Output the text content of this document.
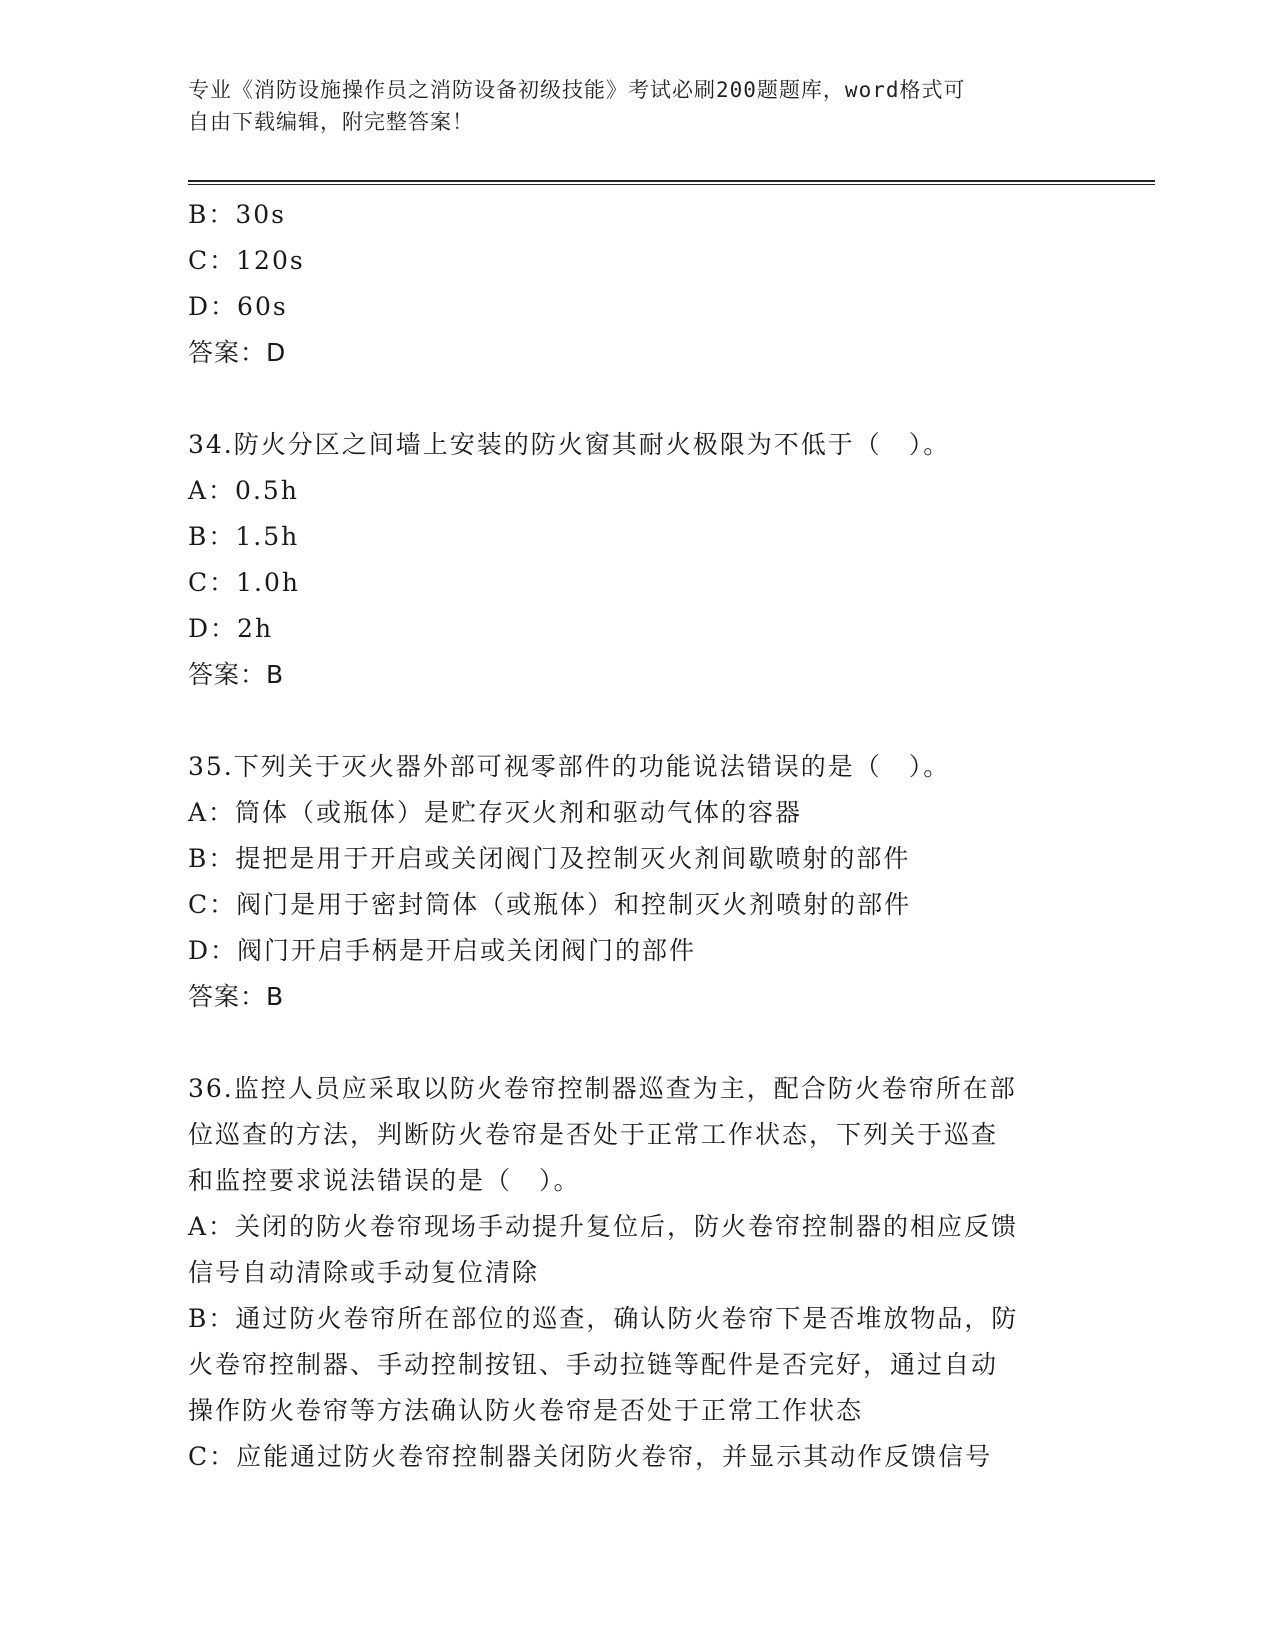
专业《消防设施操作员之消防设备初级技能》考试必刷200题题库，word格式可
自由下载编辑，附完整答案！
B：30s
C：120s
D：60s
答案：D
34.防火分区之间墙上安装的防火窗其耐火极限为不低于（　）。
A：0.5h
B：1.5h
C：1.0h
D：2h
答案：B
35.下列关于灭火器外部可视零部件的功能说法错误的是（　）。
A：筒体（或瓶体）是贮存灭火剂和驱动气体的容器
B：提把是用于开启或关闭阀门及控制灭火剂间歇喷射的部件
C：阀门是用于密封筒体（或瓶体）和控制灭火剂喷射的部件
D：阀门开启手柄是开启或关闭阀门的部件
答案：B
36.监控人员应采取以防火卷帘控制器巡查为主，配合防火卷帘所在部
位巡查的方法，判断防火卷帘是否处于正常工作状态，下列关于巡查
和监控要求说法错误的是（　）。
A：关闭的防火卷帘现场手动提升复位后，防火卷帘控制器的相应反馈
信号自动清除或手动复位清除
B：通过防火卷帘所在部位的巡查，确认防火卷帘下是否堆放物品，防
火卷帘控制器、手动控制按钮、手动拉链等配件是否完好，通过自动
操作防火卷帘等方法确认防火卷帘是否处于正常工作状态
C：应能通过防火卷帘控制器关闭防火卷帘，并显示其动作反馈信号
